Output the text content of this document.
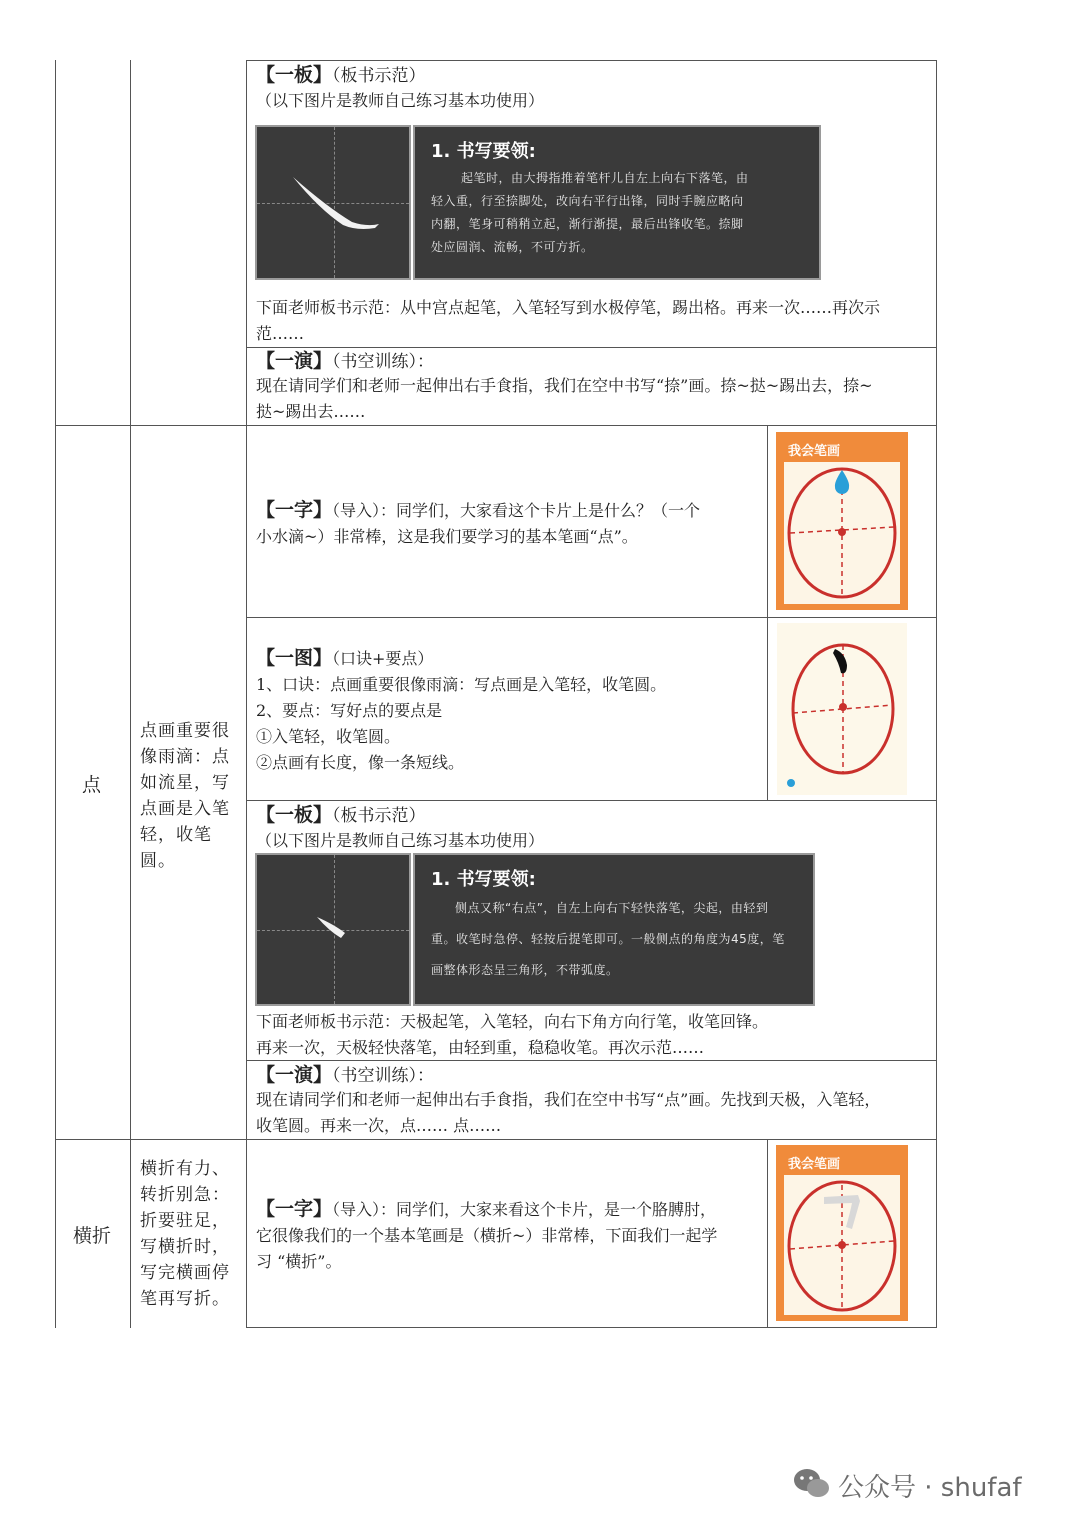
【一板】（板书示范）
（以下图片是教师自己练习基本功使用）
1. 书写要领:
起笔时，由大拇指推着笔杆儿自左上向右下落笔，由
轻入重，行至捺脚处，改向右平行出锋，同时手腕应略向
内翻，笔身可稍稍立起，渐行渐提，最后出锋收笔。捺脚
处应圆润、流畅，不可方折。
下面老师板书示范：从中宫点起笔，入笔轻写到水极停笔，踢出格。再来一次……再次示
范……
【一演】（书空训练）：
现在请同学们和老师一起伸出右手食指，我们在空中书写“捺”画。捺~挞~踢出去，捺~
挞~踢出去……
点
点画重要很
像雨滴：点
如流星，写
点画是入笔
轻，收笔圆。
【一字】（导入）：同学们，大家看这个卡片上是什么？（一个
小水滴~）非常棒，这是我们要学习的基本笔画“点”。
我会笔画
【一图】（口诀+要点）
1、口诀：点画重要很像雨滴：写点画是入笔轻，收笔圆。
2、要点：写好点的要点是
①入笔轻，收笔圆。
②点画有长度，像一条短线。
【一板】（板书示范）
（以下图片是教师自己练习基本功使用）
1. 书写要领:
侧点又称“右点”，自左上向右下轻快落笔，尖起，由轻到
重。收笔时急停、轻按后提笔即可。一般侧点的角度为45度，笔
画整体形态呈三角形，不带弧度。
下面老师板书示范：天极起笔，入笔轻，向右下角方向行笔，收笔回锋。
再来一次，天极轻快落笔，由轻到重，稳稳收笔。再次示范……
【一演】（书空训练）：
现在请同学们和老师一起伸出右手食指，我们在空中书写“点”画。先找到天极，入笔轻，
收笔圆。再来一次，点…… 点……
横折
横折有力、
转折别急：
折要驻足，
写横折时，
写完横画停
笔再写折。
【一字】（导入）：同学们，大家来看这个卡片，是一个胳膊肘，
它很像我们的一个基本笔画是（横折~）非常棒，下面我们一起学
习 “横折”。
我会笔画
公众号 · shufaf
